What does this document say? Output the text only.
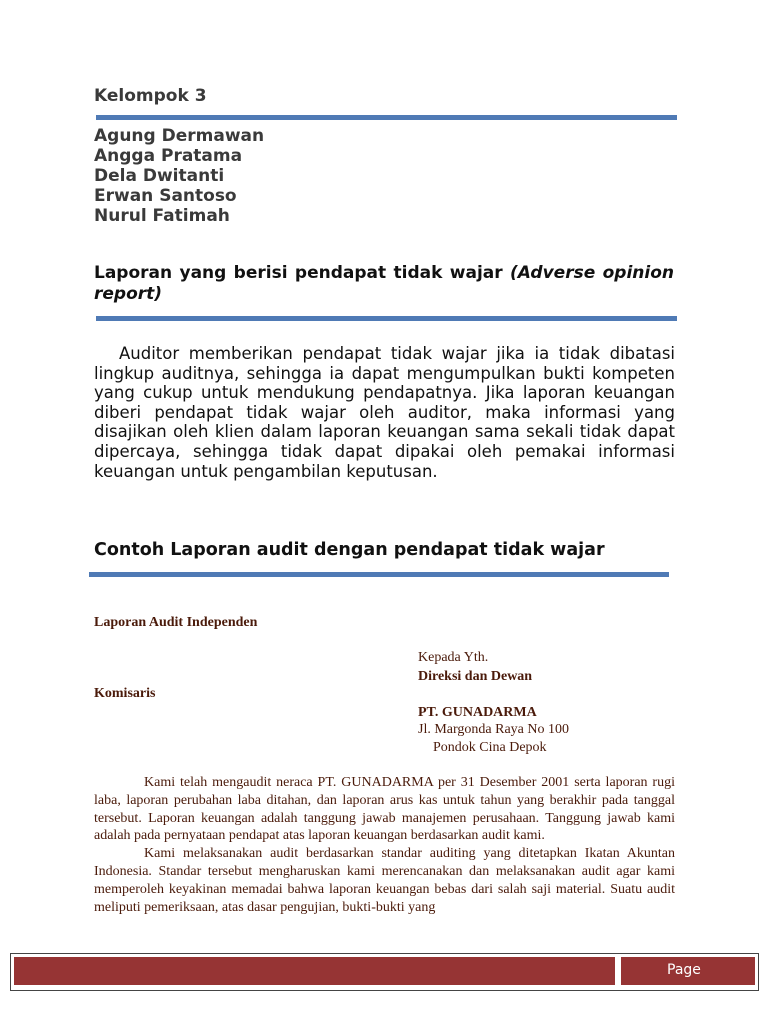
Kelompok 3
Agung Dermawan
Angga Pratama
Dela Dwitanti
Erwan Santoso
Nurul Fatimah
Laporan yang berisi pendapat tidak wajar (Adverse opinion report)
Auditor memberikan pendapat tidak wajar jika ia tidak dibatasi lingkup auditnya, sehingga ia dapat mengumpulkan bukti kompeten yang cukup untuk mendukung pendapatnya. Jika laporan keuangan diberi pendapat tidak wajar oleh auditor, maka informasi yang disajikan oleh klien dalam laporan keuangan sama sekali tidak dapat dipercaya, sehingga tidak dapat dipakai oleh pemakai informasi keuangan untuk pengambilan keputusan.
Contoh Laporan audit dengan pendapat tidak wajar
Laporan Audit Independen
Kepada Yth.
Direksi dan Dewan
Komisaris
PT. GUNADARMA
Jl. Margonda Raya No 100
Pondok Cina Depok

Kami telah mengaudit neraca PT. GUNADARMA per 31 Desember 2001 serta laporan rugi laba, laporan perubahan laba ditahan, dan laporan arus kas untuk tahun yang berakhir pada tanggal tersebut. Laporan keuangan adalah tanggung jawab manajemen perusahaan. Tanggung jawab kami adalah pada pernyataan pendapat atas laporan keuangan berdasarkan audit kami.

Kami melaksanakan audit berdasarkan standar auditing yang ditetapkan Ikatan Akuntan Indonesia. Standar tersebut mengharuskan kami merencanakan dan melaksanakan audit agar kami memperoleh keyakinan memadai bahwa laporan keuangan bebas dari salah saji material. Suatu audit meliputi pemeriksaan, atas dasar pengujian, bukti-bukti yang

Page
